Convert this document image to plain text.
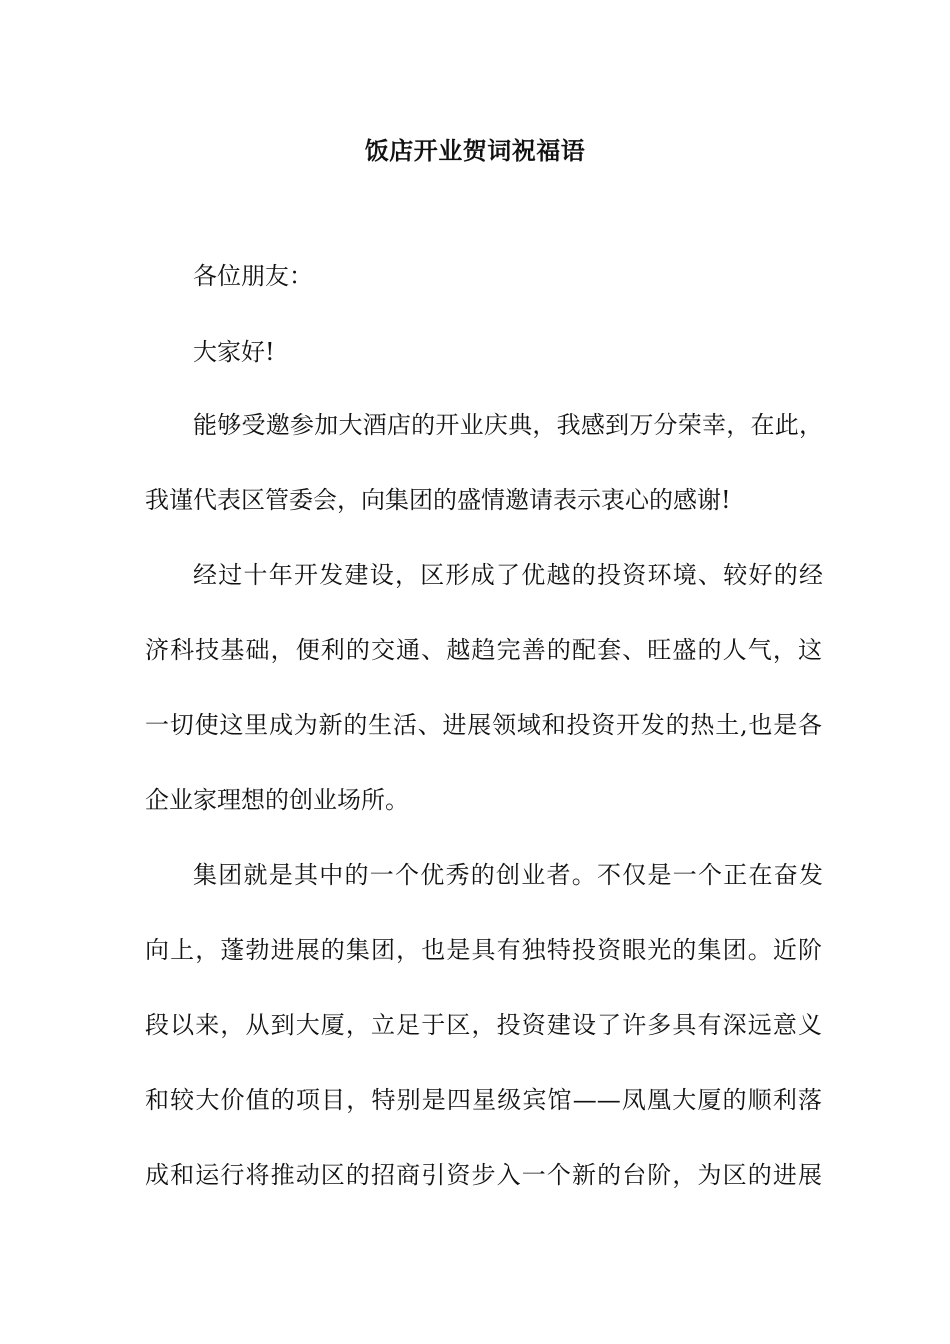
饭店开业贺词祝福语
各位朋友：
大家好!
能够受邀参加大酒店的开业庆典，我感到万分荣幸，在此，
我谨代表区管委会，向集团的盛情邀请表示衷心的感谢!
经过十年开发建设，区形成了优越的投资环境、较好的经
济科技基础，便利的交通、越趋完善的配套、旺盛的人气，这
一切使这里成为新的生活、进展领域和投资开发的热土,也是各
企业家理想的创业场所。
集团就是其中的一个优秀的创业者。不仅是一个正在奋发
向上，蓬勃进展的集团，也是具有独特投资眼光的集团。近阶
段以来，从到大厦，立足于区，投资建设了许多具有深远意义
和较大价值的项目，特别是四星级宾馆——凤凰大厦的顺利落
成和运行将推动区的招商引资步入一个新的台阶，为区的进展
